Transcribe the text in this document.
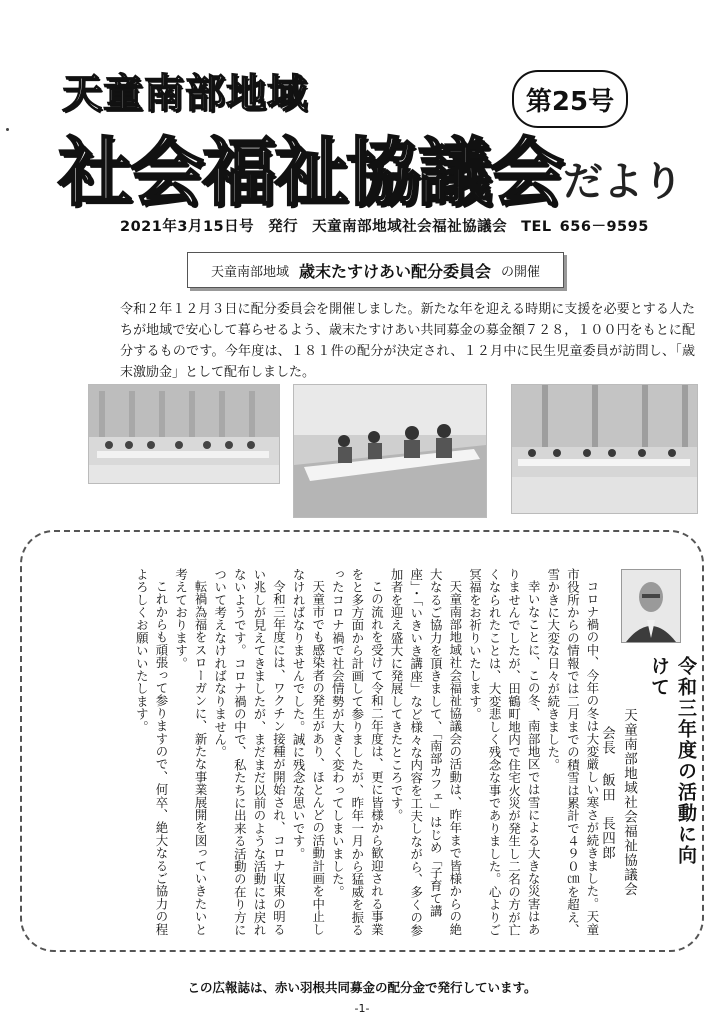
天童南部地域
社会福祉協議会 だより
第25号
2021年3月15日号 発行 天童南部地域社会福祉協議会 TEL 656－9595
天童南部地域 歳末たすけあい配分委員会 の開催
令和２年１２月３日に配分委員会を開催しました。新たな年を迎える時期に支援を必要とする人たちが地域で安心して暮らせるよう、歳末たすけあい共同募金の募金額７２８，１００円をもとに配分するものです。今年度は、１８１件の配分が決定され、１２月中に民生児童委員が訪問し、「歳末激励金」として配布しました。
令和三年度の活動に向けて
天童南部地域社会福祉協議会
会長飯田　長四郎

コロナ禍の中、今年の冬は大変厳しい寒さが続きました。天童市役所からの情報では二月までの積雪は累計で４９０㎝を超え、雪かきに大変な日々が続きました。

幸いなことに、この冬、南部地区では雪による大きな災害はありませんでしたが、田鶴町地内で住宅火災が発生し二名の方が亡くなられたことは、大変悲しく残念な事でありました。心よりご冥福をお祈りいたします。

天童南部地域社会福祉協議会の活動は、昨年まで皆様からの絶大なるご協力を頂きまして、「南部カフェ」はじめ「子育て講座」・「いきいき講座」など様々な内容を工夫しながら、多くの参加者を迎え盛大に発展してきたところです。

この流れを受けて令和二年度は、更に皆様から歓迎される事業をと多方面から計画して参りましたが、昨年一月から猛威を振るったコロナ禍で社会情勢が大きく変わってしまいました。

天童市でも感染者の発生があり、ほとんどの活動計画を中止しなければなりませんでした。誠に残念な思いです。

令和三年度には、ワクチン接種が開始され、コロナ収束の明るい兆しが見えてきましたが、まだまだ以前のような活動には戻れないようです。コロナ禍の中で、私たちに出来る活動の在り方について考えなければなりません。

転禍為福をスローガンに、新たな事業展開を図っていきたいと考えております。

これからも頑張って参りますので、何卒、絶大なるご協力の程よろしくお願いいたします。

この広報誌は、赤い羽根共同募金の配分金で発行しています。
-1-
